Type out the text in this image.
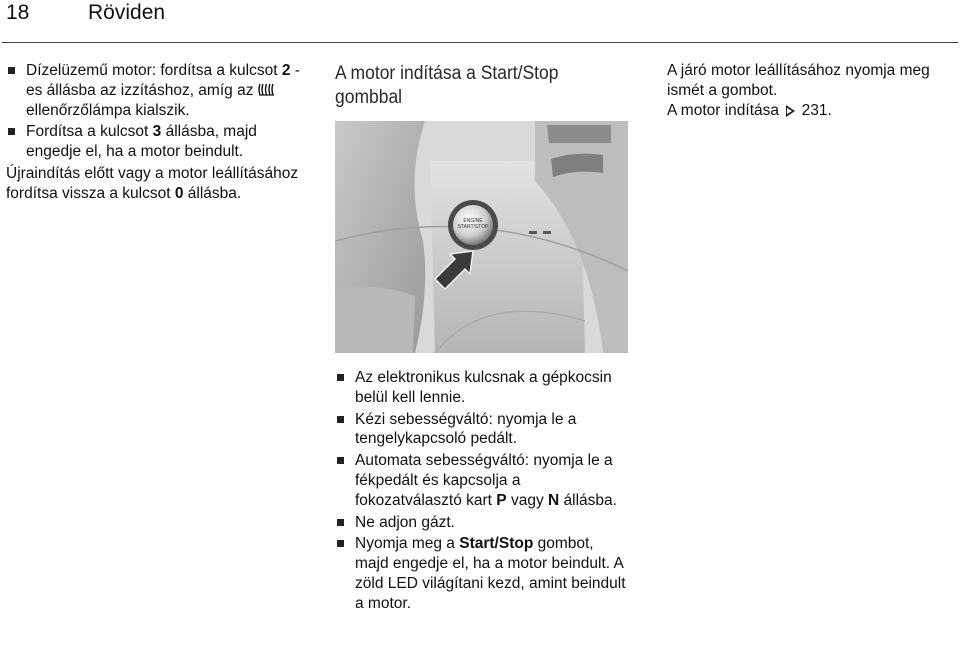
18	Röviden
Dízelüzemű motor: fordítsa a kulcsot 2 - es állásba az izzításhoz, amíg az  ellenőrzőlámpa kialszik.
Fordítsa a kulcsot 3 állásba, majd engedje el, ha a motor beindult.
Újraindítás előtt vagy a motor leállításához fordítsa vissza a kulcsot 0 állásba.
A motor indítása a Start/Stop gombbal
ENGINE
START/STOP
Az elektronikus kulcsnak a gépkocsin belül kell lennie.
Kézi sebességváltó: nyomja le a tengelykapcsoló pedált.
Automata sebességváltó: nyomja le a fékpedált és kapcsolja a fokozatválasztó kart P vagy N állásba.
Ne adjon gázt.
Nyomja meg a Start/Stop gombot, majd engedje el, ha a motor beindult. A zöld LED világítani kezd, amint beindult a motor.
A járó motor leállításához nyomja meg ismét a gombot.
A motor indítása  231.
